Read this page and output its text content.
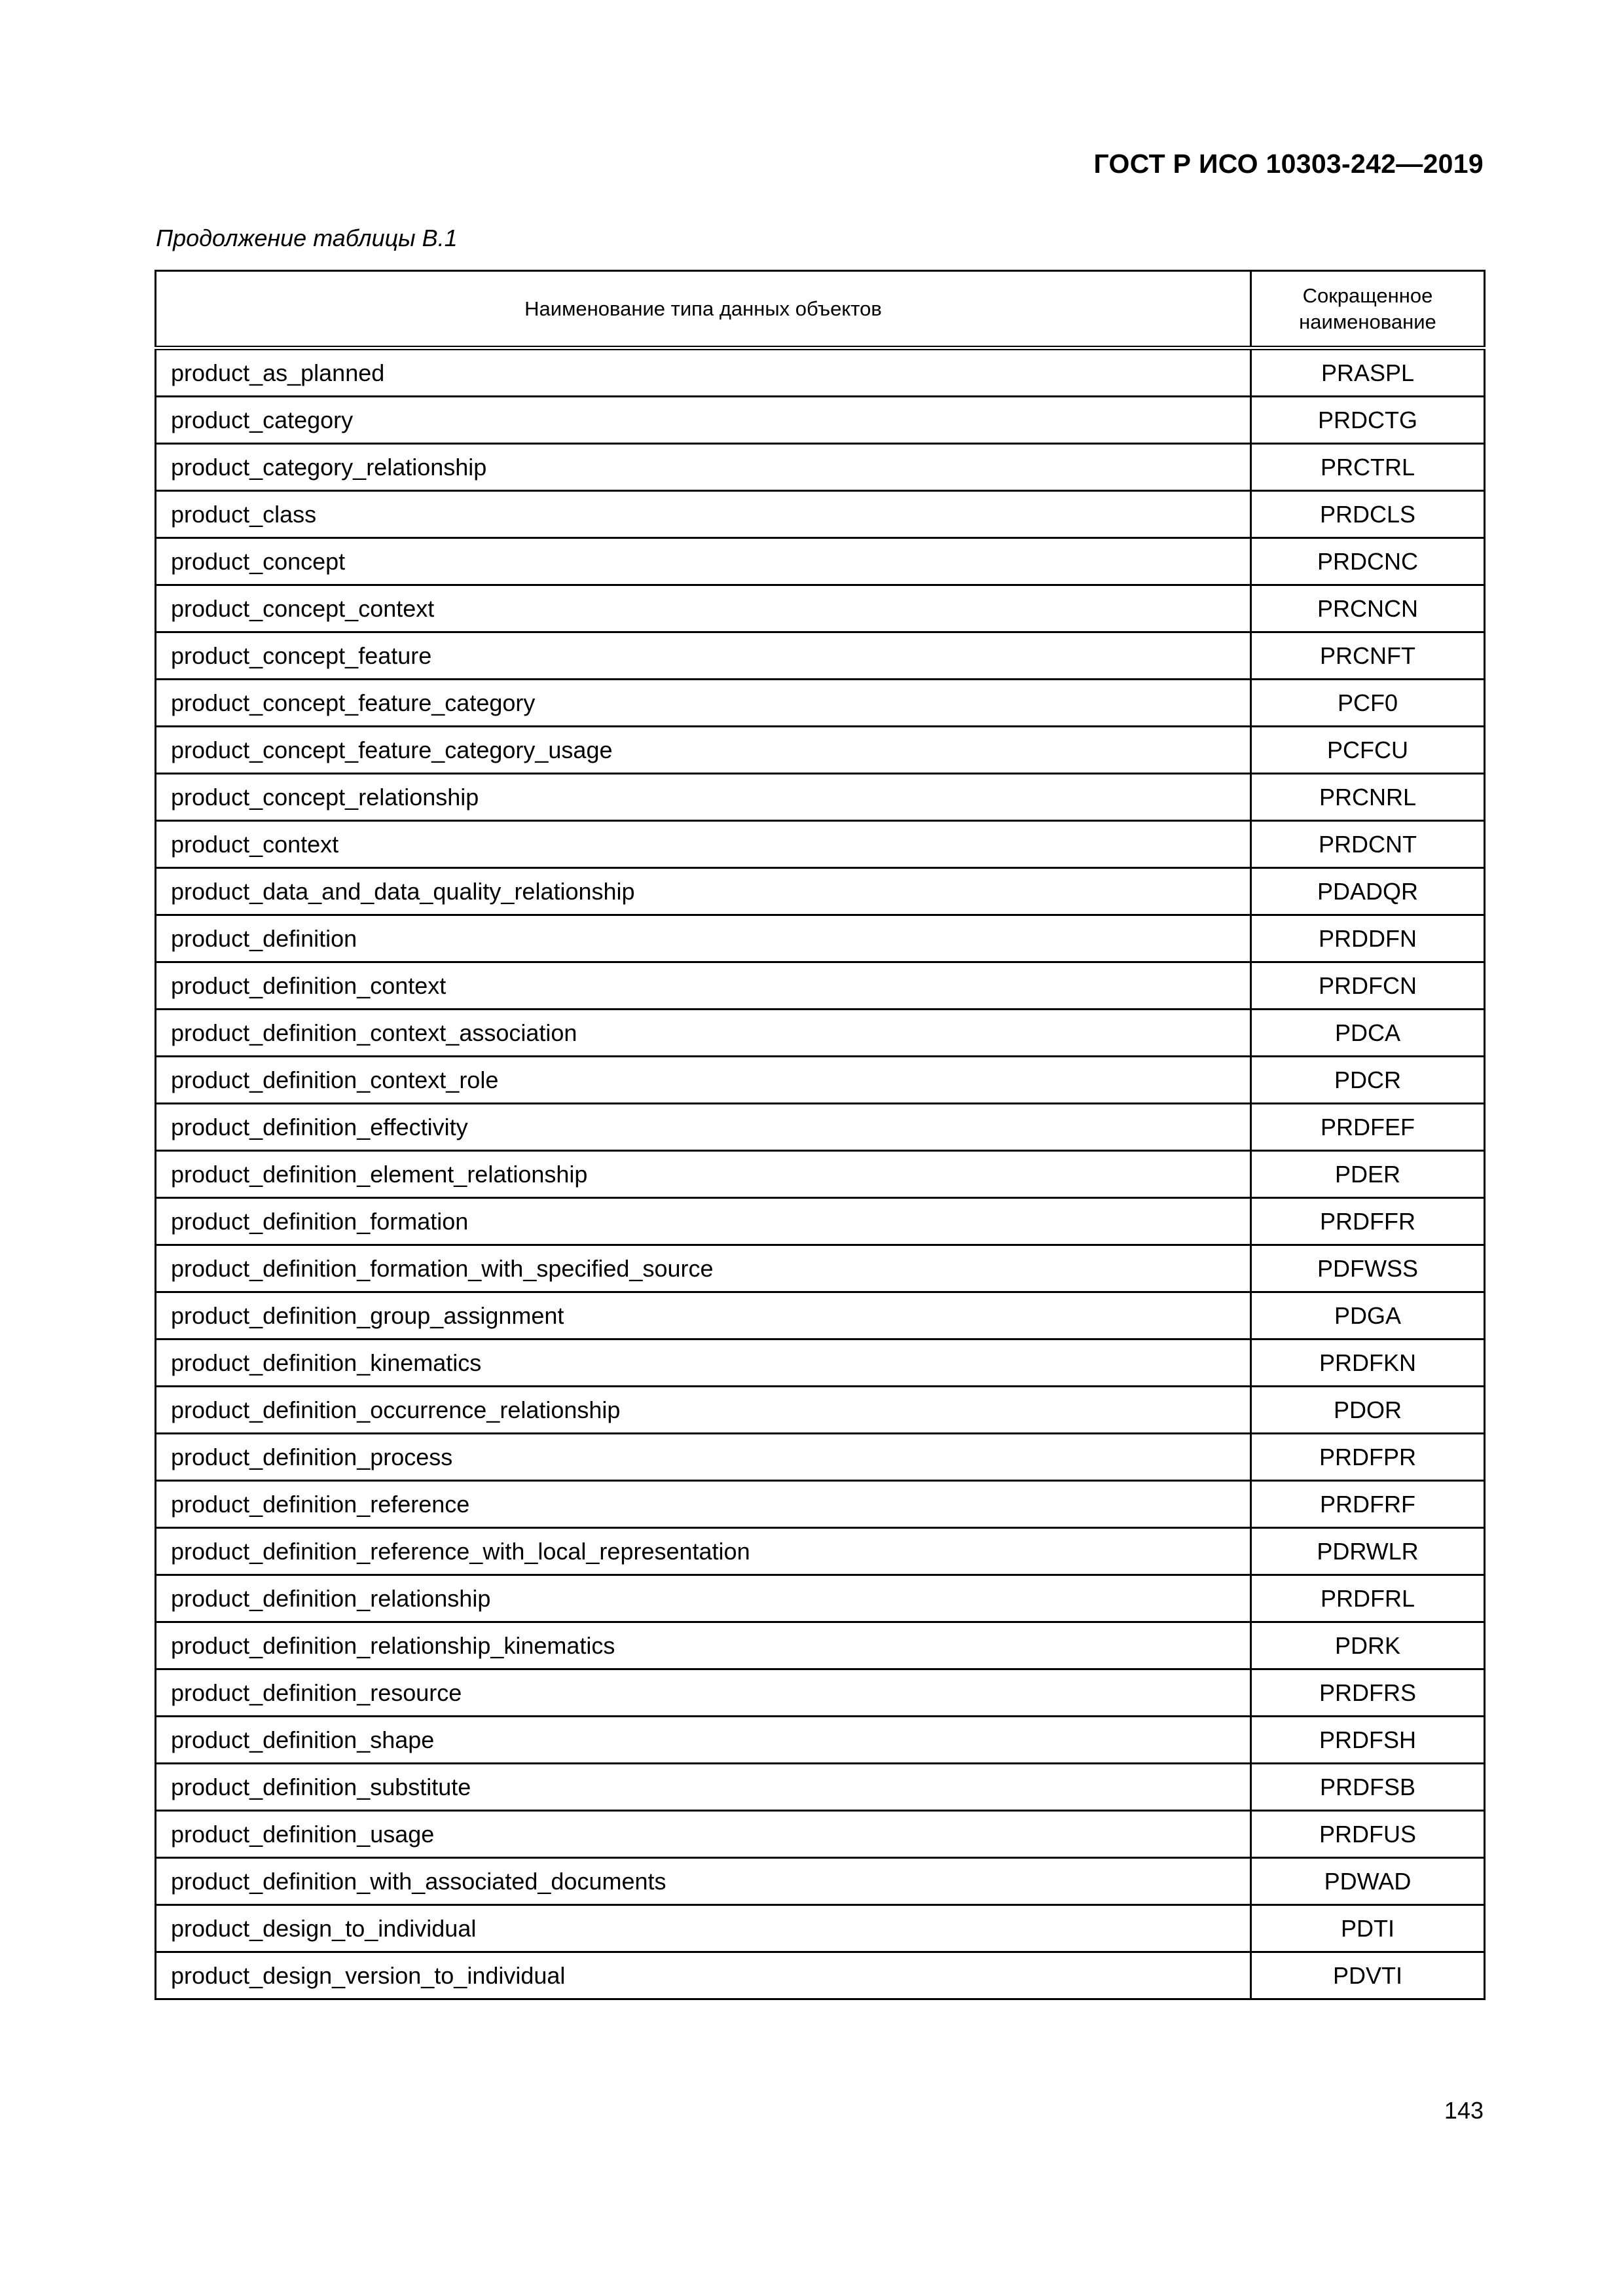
ГОСТ Р ИСО 10303-242—2019
Продолжение таблицы В.1
Наименование типа данных объектов	Сокращенное
наименование
product_as_planned	PRASPL
product_category	PRDCTG
product_category_relationship	PRCTRL
product_class	PRDCLS
product_concept	PRDCNC
product_concept_context	PRCNCN
product_concept_feature	PRCNFT
product_concept_feature_category	PCF0
product_concept_feature_category_usage	PCFCU
product_concept_relationship	PRCNRL
product_context	PRDCNT
product_data_and_data_quality_relationship	PDADQR
product_definition	PRDDFN
product_definition_context	PRDFCN
product_definition_context_association	PDCA
product_definition_context_role	PDCR
product_definition_effectivity	PRDFEF
product_definition_element_relationship	PDER
product_definition_formation	PRDFFR
product_definition_formation_with_specified_source	PDFWSS
product_definition_group_assignment	PDGA
product_definition_kinematics	PRDFKN
product_definition_occurrence_relationship	PDOR
product_definition_process	PRDFPR
product_definition_reference	PRDFRF
product_definition_reference_with_local_representation	PDRWLR
product_definition_relationship	PRDFRL
product_definition_relationship_kinematics	PDRK
product_definition_resource	PRDFRS
product_definition_shape	PRDFSH
product_definition_substitute	PRDFSB
product_definition_usage	PRDFUS
product_definition_with_associated_documents	PDWAD
product_design_to_individual	PDTI
product_design_version_to_individual	PDVTI
143
